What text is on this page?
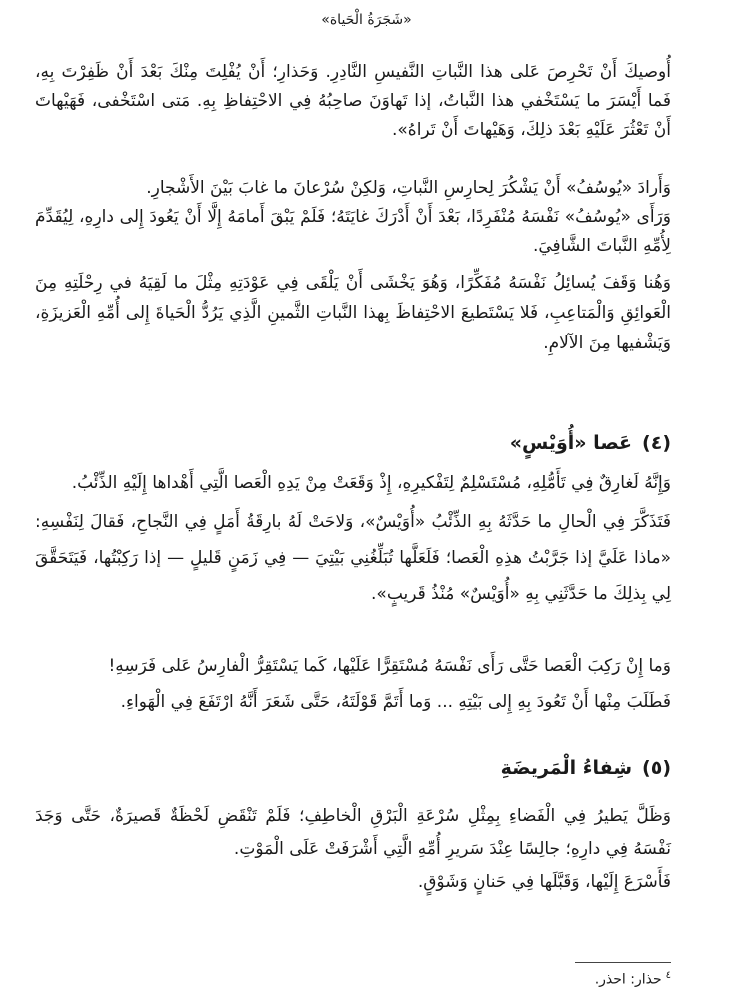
«شَجَرَةُ الْحَياة»

أُوصيكَ أَنْ تَحْرِصَ عَلى هذا النَّباتِ النَّفيسِ النَّادِرِ. وَحَذارِ؛ أَنْ يُفْلِتَ مِنْكَ بَعْدَ أَنْ ظَفِرْتَ بِهِ، فَما أَيْسَرَ ما يَسْتَخْفي هذا النَّباتُ، إذا تَهاوَنَ صاحِبُهُ فِي الاحْتِفاظِ بِهِ. مَتى اسْتَخْفى، فَهَيْهاتَ أَنْ تَعْثُرَ عَلَيْهِ بَعْدَ ذلِكَ، وَهَيْهاتَ أَنْ تَراهُ».

وَأَرادَ «يُوسُفُ» أَنْ يَشْكُرَ لِحارِسِ النَّباتِ، وَلكِنْ سُرْعانَ ما غابَ بَيْنَ الأَشْجارِ.

وَرَأَى «يُوسُفُ» نَفْسَهُ مُنْفَرِدًا، بَعْدَ أَنْ أَدْرَكَ غايَتَهُ؛ فَلَمْ يَبْقَ أَمامَهُ إِلَّا أَنْ يَعُودَ إِلى دارِهِ، لِيُقَدِّمَ لِأُمِّهِ النَّباتَ الشَّافِيَ.

وَهُنا وَقَفَ يُسائِلُ نَفْسَهُ مُفَكِّرًا، وَهُوَ يَخْشَى أَنْ يَلْقَى فِي عَوْدَتِهِ مِثْلَ ما لَقِيَهُ في رِحْلَتِهِ مِنَ الْعَوائِقِ وَالْمَتاعِبِ، فَلا يَسْتَطيعَ الاحْتِفاظَ بِهذا النَّباتِ الثَّمينِ الَّذِي يَرُدُّ الْحَياةَ إِلى أُمِّهِ الْعَزيزَةِ، وَيَشْفيها مِنَ الآلامِ.

(٤)عَصا «أُوَيْسٍ»

وَإِنَّهُ لَغارِقٌ فِي تَأَمُّلِهِ، مُسْتَسْلِمٌ لِتَفْكيرِهِ، إِذْ وَقَعَتْ مِنْ يَدِهِ الْعَصا الَّتِي أَهْداها إِلَيْهِ الذِّئْبُ.

فَتَذَكَّرَ فِي الْحالِ ما حَدَّثَهُ بِهِ الذِّئْبُ «أُوَيْسٌ»، وَلاحَتْ لَهُ بارِقَةُ أَمَلٍ فِي النَّجاحِ، فَقالَ لِنَفْسِهِ: «ماذا عَلَيَّ إذا جَرَّبْتُ هذِهِ الْعَصا؛ فَلَعَلَّها تُبَلِّغُنِي بَيْتِيَ — فِي زَمَنٍ قَليلٍ — إذا رَكِبْتُها، فَيَتَحَقَّقَ لِي بِذلِكَ ما حَدَّثَنِي بِهِ «أُوَيْسٌ» مُنْذُ قَريبٍ».

وَما إِنْ رَكِبَ الْعَصا حَتَّى رَأَى نَفْسَهُ مُسْتَقِرًّا عَلَيْها، كَما يَسْتَقِرُّ الْفارِسُ عَلى فَرَسِهِ!

فَطَلَبَ مِنْها أَنْ تَعُودَ بِهِ إِلى بَيْتِهِ ... وَما أَتَمَّ قَوْلَتَهُ، حَتَّى شَعَرَ أَنَّهُ ارْتَفَعَ فِي الْهَواءِ.

(٥)شِفاءُ الْمَريضَةِ

وَظَلَّ يَطيرُ فِي الْفَضاءِ بِمِثْلِ سُرْعَةِ الْبَرْقِ الْخاطِفِ؛ فَلَمْ تَنْقَضِ لَحْظَةٌ قَصيرَةٌ، حَتَّى وَجَدَ نَفْسَهُ فِي دارِهِ؛ جالِسًا عِنْدَ سَريرِ أُمِّهِ الَّتِي أَشْرَفَتْ عَلَى الْمَوْتِ.

فَأَسْرَعَ إِلَيْها، وَقَبَّلَها فِي حَنانٍ وَشَوْقٍ.

$^٤$حذار: احذر.
